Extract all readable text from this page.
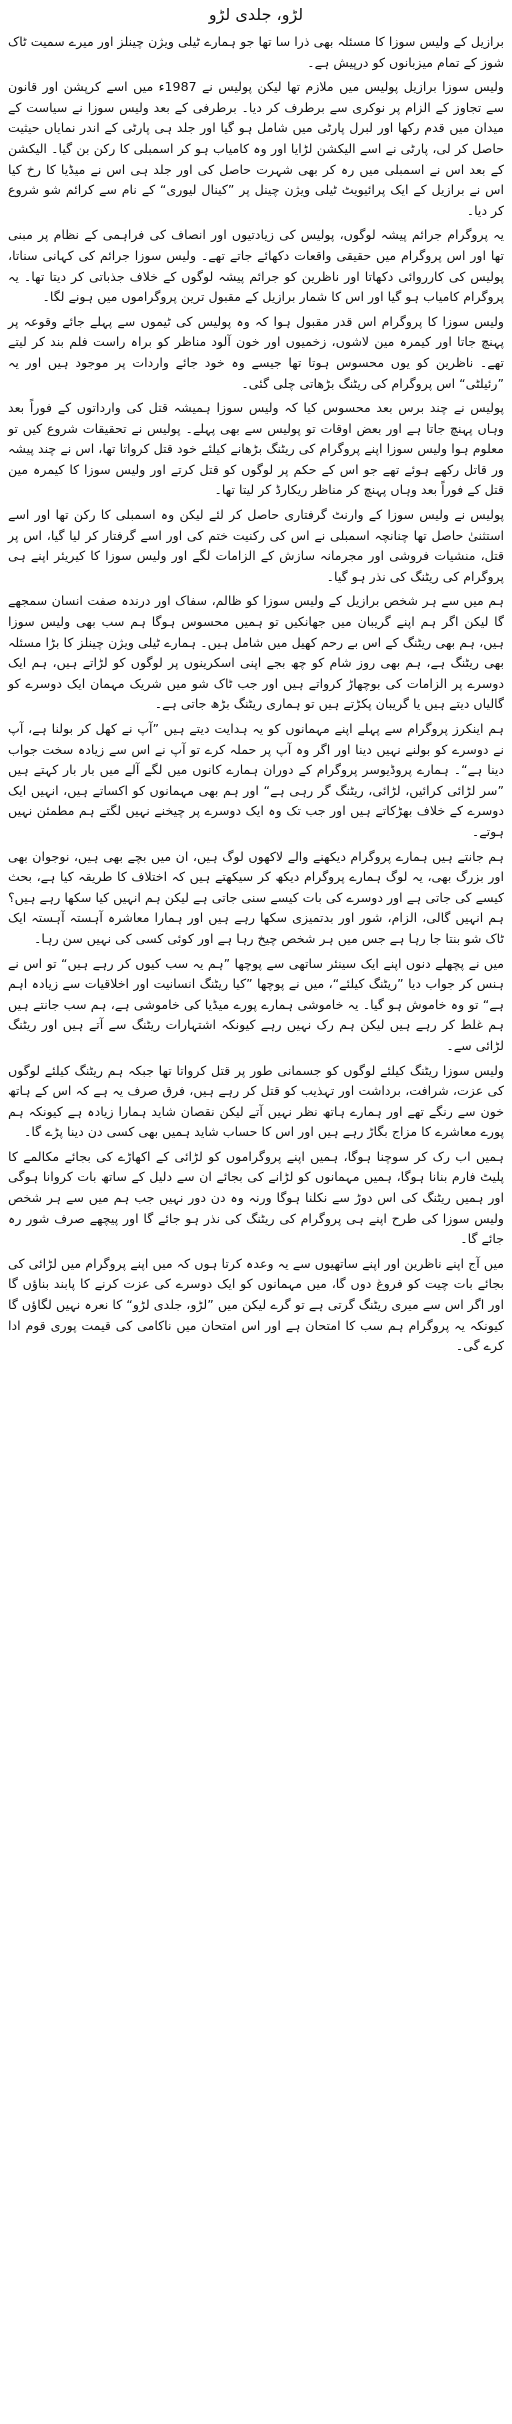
لڑو، جلدی لڑو

برازیل کے ولیس سوزا کا مسئلہ بھی ذرا سا تھا جو ہمارے ٹیلی ویژن چینلز اور میرے سمیت ٹاک شوز کے تمام میزبانوں کو درپیش ہے۔

ولیس سوزا برازیل پولیس میں ملازم تھا لیکن پولیس نے 1987ء میں اسے کرپشن اور قانون سے تجاوز کے الزام پر نوکری سے برطرف کر دیا۔ برطرفی کے بعد ولیس سوزا نے سیاست کے میدان میں قدم رکھا اور لبرل پارٹی میں شامل ہو گیا اور جلد ہی پارٹی کے اندر نمایاں حیثیت حاصل کر لی، پارٹی نے اسے الیکشن لڑایا اور وہ کامیاب ہو کر اسمبلی کا رکن بن گیا۔ الیکشن کے بعد اس نے اسمبلی میں رہ کر بھی شہرت حاصل کی اور جلد ہی اس نے میڈیا کا رخ کیا اس نے برازیل کے ایک پرائیویٹ ٹیلی ویژن چینل پر ”کینال لیوری“ کے نام سے کرائم شو شروع کر دیا۔

یہ پروگرام جرائم پیشہ لوگوں، پولیس کی زیادتیوں اور انصاف کی فراہمی کے نظام پر مبنی تھا اور اس پروگرام میں حقیقی واقعات دکھائے جاتے تھے۔ ولیس سوزا جرائم کی کہانی سناتا، پولیس کی کارروائی دکھاتا اور ناظرین کو جرائم پیشہ لوگوں کے خلاف جذباتی کر دیتا تھا۔ یہ پروگرام کامیاب ہو گیا اور اس کا شمار برازیل کے مقبول ترین پروگراموں میں ہونے لگا۔

ولیس سوزا کا پروگرام اس قدر مقبول ہوا کہ وہ پولیس کی ٹیموں سے پہلے جائے وقوعہ پر پہنچ جاتا اور کیمرہ مین لاشوں، زخمیوں اور خون آلود مناظر کو براہ راست فلم بند کر لیتے تھے۔ ناظرین کو یوں محسوس ہوتا تھا جیسے وہ خود جائے واردات پر موجود ہیں اور یہ ”رئیلٹی“ اس پروگرام کی ریٹنگ بڑھاتی چلی گئی۔

پولیس نے چند برس بعد محسوس کیا کہ ولیس سوزا ہمیشہ قتل کی وارداتوں کے فوراً بعد وہاں پہنچ جاتا ہے اور بعض اوقات تو پولیس سے بھی پہلے۔ پولیس نے تحقیقات شروع کیں تو معلوم ہوا ولیس سوزا اپنے پروگرام کی ریٹنگ بڑھانے کیلئے خود قتل کرواتا تھا، اس نے چند پیشہ ور قاتل رکھے ہوئے تھے جو اس کے حکم پر لوگوں کو قتل کرتے اور ولیس سوزا کا کیمرہ مین قتل کے فوراً بعد وہاں پہنچ کر مناظر ریکارڈ کر لیتا تھا۔

پولیس نے ولیس سوزا کے وارنٹ گرفتاری حاصل کر لئے لیکن وہ اسمبلی کا رکن تھا اور اسے استثنیٰ حاصل تھا چنانچہ اسمبلی نے اس کی رکنیت ختم کی اور اسے گرفتار کر لیا گیا، اس پر قتل، منشیات فروشی اور مجرمانہ سازش کے الزامات لگے اور ولیس سوزا کا کیریئر اپنے ہی پروگرام کی ریٹنگ کی نذر ہو گیا۔

ہم میں سے ہر شخص برازیل کے ولیس سوزا کو ظالم، سفاک اور درندہ صفت انسان سمجھے گا لیکن اگر ہم اپنے گریبان میں جھانکیں تو ہمیں محسوس ہوگا ہم سب بھی ولیس سوزا ہیں، ہم بھی ریٹنگ کے اس بے رحم کھیل میں شامل ہیں۔ ہمارے ٹیلی ویژن چینلز کا بڑا مسئلہ بھی ریٹنگ ہے، ہم بھی روز شام کو چھ بجے اپنی اسکرینوں پر لوگوں کو لڑاتے ہیں، ہم ایک دوسرے پر الزامات کی بوچھاڑ کرواتے ہیں اور جب ٹاک شو میں شریک مہمان ایک دوسرے کو گالیاں دیتے ہیں یا گریبان پکڑتے ہیں تو ہماری ریٹنگ بڑھ جاتی ہے۔

ہم اینکرز پروگرام سے پہلے اپنے مہمانوں کو یہ ہدایت دیتے ہیں ”آپ نے کھل کر بولنا ہے، آپ نے دوسرے کو بولنے نہیں دینا اور اگر وہ آپ پر حملہ کرے تو آپ نے اس سے زیادہ سخت جواب دینا ہے“۔ ہمارے پروڈیوسر پروگرام کے دوران ہمارے کانوں میں لگے آلے میں بار بار کہتے ہیں ”سر لڑائی کرائیں، لڑائی، ریٹنگ گر رہی ہے“ اور ہم بھی مہمانوں کو اکساتے ہیں، انہیں ایک دوسرے کے خلاف بھڑکاتے ہیں اور جب تک وہ ایک دوسرے پر چیخنے نہیں لگتے ہم مطمئن نہیں ہوتے۔

ہم جانتے ہیں ہمارے پروگرام دیکھنے والے لاکھوں لوگ ہیں، ان میں بچے بھی ہیں، نوجوان بھی اور بزرگ بھی، یہ لوگ ہمارے پروگرام دیکھ کر سیکھتے ہیں کہ اختلاف کا طریقہ کیا ہے، بحث کیسے کی جاتی ہے اور دوسرے کی بات کیسے سنی جاتی ہے لیکن ہم انہیں کیا سکھا رہے ہیں؟ ہم انہیں گالی، الزام، شور اور بدتمیزی سکھا رہے ہیں اور ہمارا معاشرہ آہستہ آہستہ ایک ٹاک شو بنتا جا رہا ہے جس میں ہر شخص چیخ رہا ہے اور کوئی کسی کی نہیں سن رہا۔

میں نے پچھلے دنوں اپنے ایک سینئر ساتھی سے پوچھا ”ہم یہ سب کیوں کر رہے ہیں“ تو اس نے ہنس کر جواب دیا ”ریٹنگ کیلئے“، میں نے پوچھا ”کیا ریٹنگ انسانیت اور اخلاقیات سے زیادہ اہم ہے“ تو وہ خاموش ہو گیا۔ یہ خاموشی ہمارے پورے میڈیا کی خاموشی ہے، ہم سب جانتے ہیں ہم غلط کر رہے ہیں لیکن ہم رک نہیں رہے کیونکہ اشتہارات ریٹنگ سے آتے ہیں اور ریٹنگ لڑائی سے۔

ولیس سوزا ریٹنگ کیلئے لوگوں کو جسمانی طور پر قتل کرواتا تھا جبکہ ہم ریٹنگ کیلئے لوگوں کی عزت، شرافت، برداشت اور تہذیب کو قتل کر رہے ہیں، فرق صرف یہ ہے کہ اس کے ہاتھ خون سے رنگے تھے اور ہمارے ہاتھ نظر نہیں آتے لیکن نقصان شاید ہمارا زیادہ ہے کیونکہ ہم پورے معاشرے کا مزاج بگاڑ رہے ہیں اور اس کا حساب شاید ہمیں بھی کسی دن دینا پڑے گا۔

ہمیں اب رک کر سوچنا ہوگا، ہمیں اپنے پروگراموں کو لڑائی کے اکھاڑے کی بجائے مکالمے کا پلیٹ فارم بنانا ہوگا، ہمیں مہمانوں کو لڑانے کی بجائے ان سے دلیل کے ساتھ بات کروانا ہوگی اور ہمیں ریٹنگ کی اس دوڑ سے نکلنا ہوگا ورنہ وہ دن دور نہیں جب ہم میں سے ہر شخص ولیس سوزا کی طرح اپنے ہی پروگرام کی ریٹنگ کی نذر ہو جائے گا اور پیچھے صرف شور رہ جائے گا۔

میں آج اپنے ناظرین اور اپنے ساتھیوں سے یہ وعدہ کرتا ہوں کہ میں اپنے پروگرام میں لڑائی کی بجائے بات چیت کو فروغ دوں گا، میں مہمانوں کو ایک دوسرے کی عزت کرنے کا پابند بناؤں گا اور اگر اس سے میری ریٹنگ گرتی ہے تو گرے لیکن میں ”لڑو، جلدی لڑو“ کا نعرہ نہیں لگاؤں گا کیونکہ یہ پروگرام ہم سب کا امتحان ہے اور اس امتحان میں ناکامی کی قیمت پوری قوم ادا کرے گی۔
